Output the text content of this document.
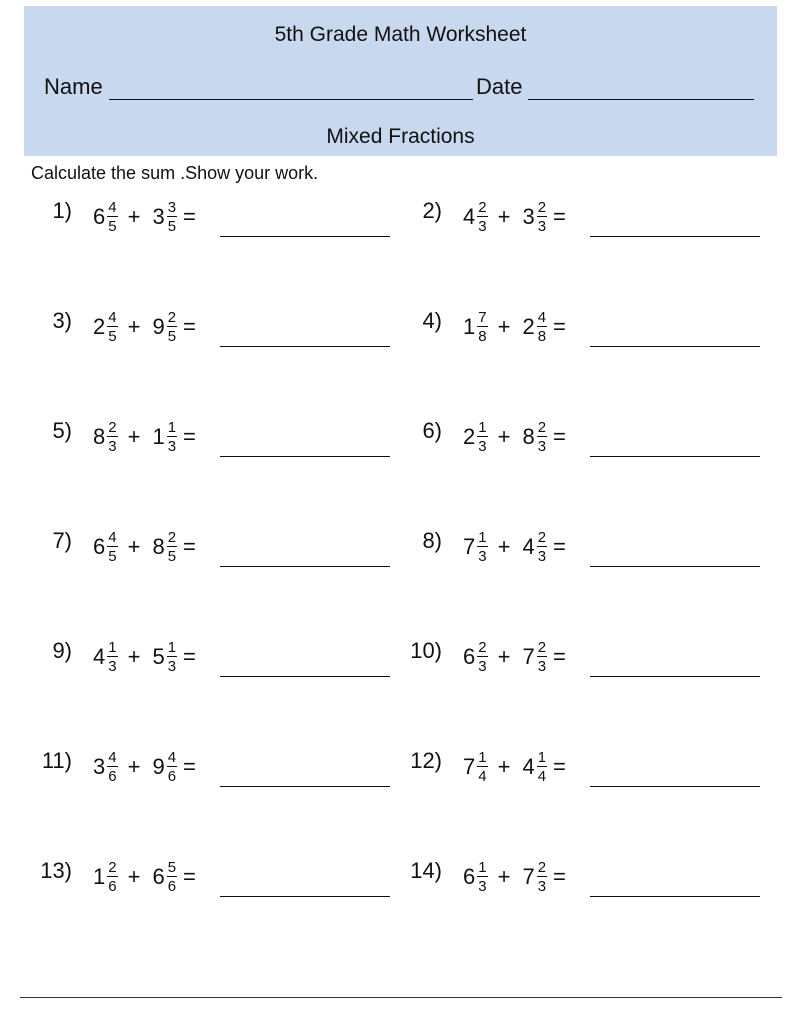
5th Grade Math Worksheet
Name	Date
Mixed Fractions
Calculate the sum .Show your work.
1) $6 \frac{4}{5} + 3 \frac{3}{5}$ =	2) $4 \frac{2}{3} + 3 \frac{2}{3}$ =
3) $2 \frac{4}{5} + 9 \frac{2}{5}$ =	4) $1 \frac{7}{8} + 2 \frac{4}{8}$ =
5) $8 \frac{2}{3} + 1 \frac{1}{3}$ =	6) $2 \frac{1}{3} + 8 \frac{2}{3}$ =
7) $6 \frac{4}{5} + 8 \frac{2}{5}$ =	8) $7 \frac{1}{3} + 4 \frac{2}{3}$ =
9) $4 \frac{1}{3} + 5 \frac{1}{3}$ =	10) $6 \frac{2}{3} + 7 \frac{2}{3}$ =
11) $3 \frac{4}{6} + 9 \frac{4}{6}$ =	12) $7 \frac{1}{4} + 4 \frac{1}{4}$ =
13) $1 \frac{2}{6} + 6 \frac{5}{6}$ =	14) $6 \frac{1}{3} + 7 \frac{2}{3}$ =
